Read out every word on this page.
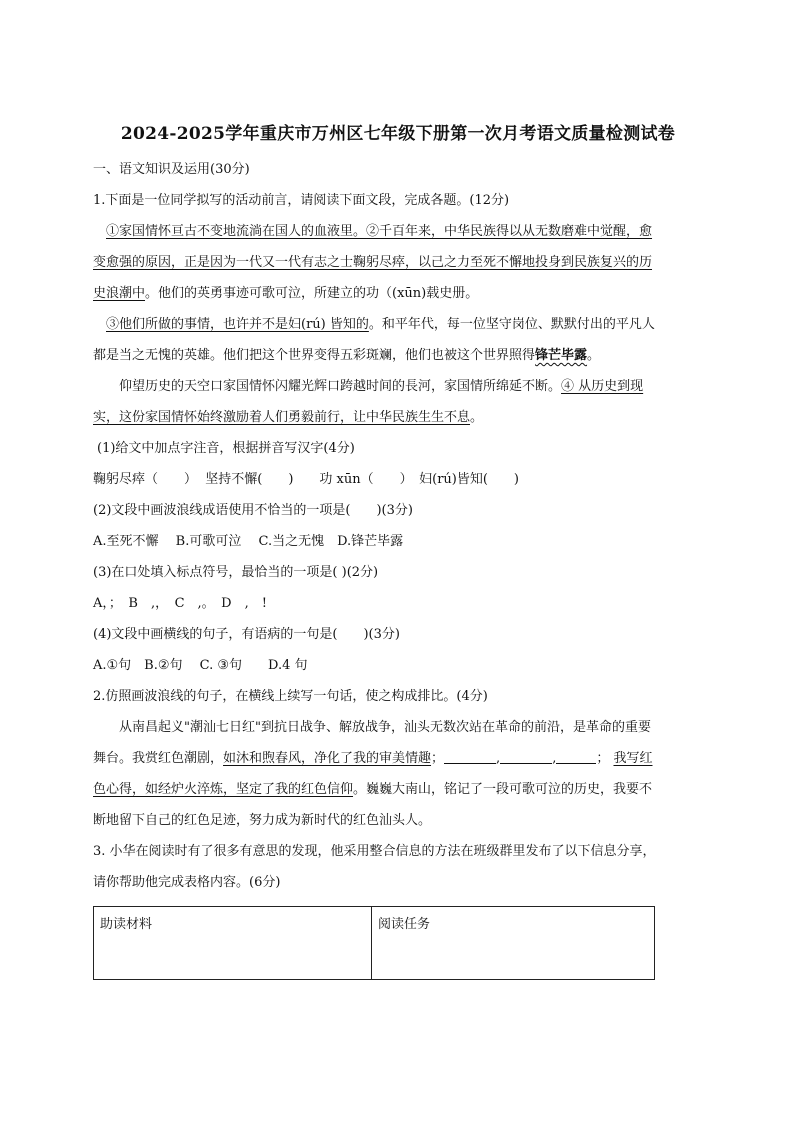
2024-2025学年重庆市万州区七年级下册第一次月考语文质量检测试卷
一、语文知识及运用(30分)
1.下面是一位同学拟写的活动前言，请阅读下面文段，完成各题。(12分)
①家国情怀亘古不变地流淌在国人的血液里。②千百年来，中华民族得以从无数磨难中觉醒，愈
变愈强的原因，正是因为一代又一代有志之士鞠躬尽瘁，以己之力至死不懈地投身到民族复兴的历
史浪潮中。他们的英勇事迹可歌可泣，所建立的功（(xūn)载史册。
③他们所做的事情，也许并不是妇(rú) 皆知的。和平年代，每一位坚守岗位、默默付出的平凡人
都是当之无愧的英雄。他们把这个世界变得五彩斑斓，他们也被这个世界照得锋芒毕露。
仰望历史的天空口家国情怀闪耀光辉口跨越时间的長河，家国情所绵延不断。④ 从历史到现
实，这份家国情怀始终激励着人们勇毅前行，让中华民族生生不息。
(1)给文中加点字注音，根据拼音写汉字(4分)
鞠躬尽瘁（　　）  坚持不懈(　　)　　功 xūn（　　）　妇(rú)皆知(　　)
(2)文段中画波浪线成语使用不恰当的一项是(　　)(3分)
A.至死不懈　 B.可歌可泣　 C.当之无愧　D.锋芒毕露
(3)在口处填入标点符号，最恰当的一项是( )(2分)
A，；　B　,，　C　,。　D　,　!
(4)文段中画横线的句子，有语病的一句是(　　)(3分)
A.①句　B.②句　 C. ③句　　D.4 句
2.仿照画波浪线的句子，在横线上续写一句话，使之构成排比。(4分)
从南昌起义"潮汕七日红"到抗日战争、解放战争，汕头无数次站在革命的前沿，是革命的重要
舞台。我赏红色潮剧，如沐和煦春风，净化了我的审美情趣；	,	,	； 我写红
色心得，如经炉火淬炼，坚定了我的红色信仰。巍巍大南山，铭记了一段可歌可泣的历史，我要不
断地留下自己的红色足迹，努力成为新时代的红色汕头人。
3. 小华在阅读时有了很多有意思的发现，他采用整合信息的方法在班级群里发布了以下信息分享，
请你帮助他完成表格内容。(6分)
助读材料	阅读任务
